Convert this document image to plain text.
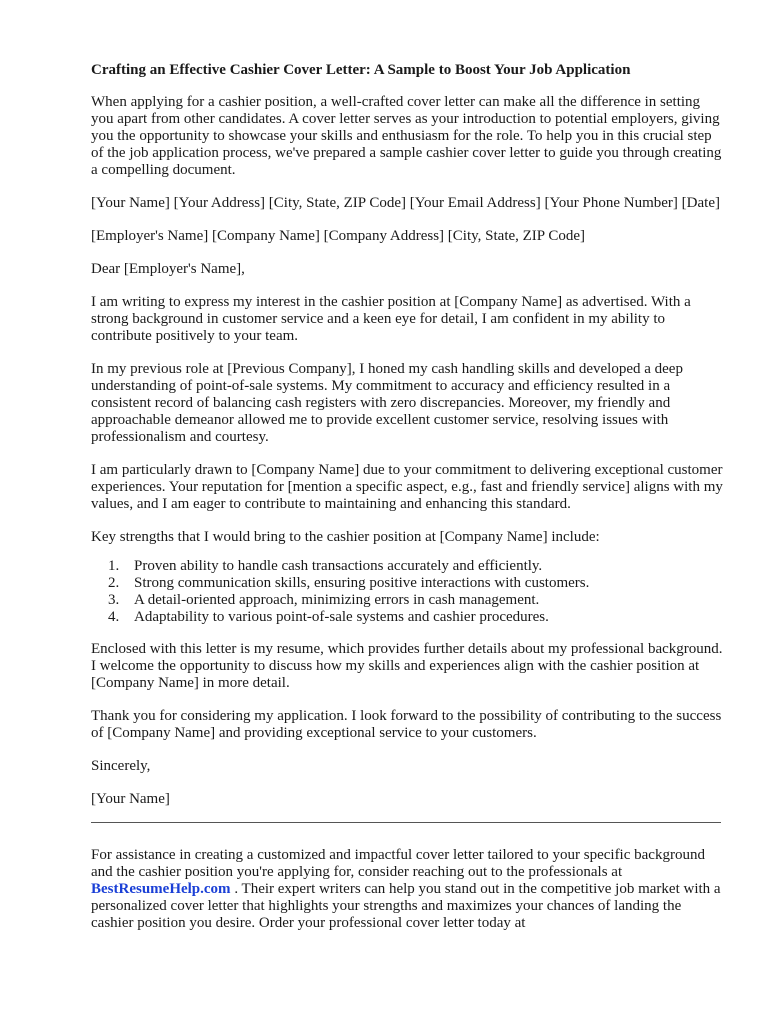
Crafting an Effective Cashier Cover Letter: A Sample to Boost Your Job Application

When applying for a cashier position, a well-crafted cover letter can make all the difference in setting you apart from other candidates. A cover letter serves as your introduction to potential employers, giving you the opportunity to showcase your skills and enthusiasm for the role. To help you in this crucial step of the job application process, we've prepared a sample cashier cover letter to guide you through creating a compelling document.

[Your Name] [Your Address] [City, State, ZIP Code] [Your Email Address] [Your Phone Number] [Date]

[Employer's Name] [Company Name] [Company Address] [City, State, ZIP Code]

Dear [Employer's Name],

I am writing to express my interest in the cashier position at [Company Name] as advertised. With a strong background in customer service and a keen eye for detail, I am confident in my ability to contribute positively to your team.

In my previous role at [Previous Company], I honed my cash handling skills and developed a deep understanding of point-of-sale systems. My commitment to accuracy and efficiency resulted in a consistent record of balancing cash registers with zero discrepancies. Moreover, my friendly and approachable demeanor allowed me to provide excellent customer service, resolving issues with professionalism and courtesy.

I am particularly drawn to [Company Name] due to your commitment to delivering exceptional customer experiences. Your reputation for [mention a specific aspect, e.g., fast and friendly service] aligns with my values, and I am eager to contribute to maintaining and enhancing this standard.

Key strengths that I would bring to the cashier position at [Company Name] include:

1. Proven ability to handle cash transactions accurately and efficiently.
2. Strong communication skills, ensuring positive interactions with customers.
3. A detail-oriented approach, minimizing errors in cash management.
4. Adaptability to various point-of-sale systems and cashier procedures.

Enclosed with this letter is my resume, which provides further details about my professional background. I welcome the opportunity to discuss how my skills and experiences align with the cashier position at [Company Name] in more detail.

Thank you for considering my application. I look forward to the possibility of contributing to the success of [Company Name] and providing exceptional service to your customers.

Sincerely,

[Your Name]

For assistance in creating a customized and impactful cover letter tailored to your specific background and the cashier position you're applying for, consider reaching out to the professionals at BestResumeHelp.com . Their expert writers can help you stand out in the competitive job market with a personalized cover letter that highlights your strengths and maximizes your chances of landing the cashier position you desire. Order your professional cover letter today at
